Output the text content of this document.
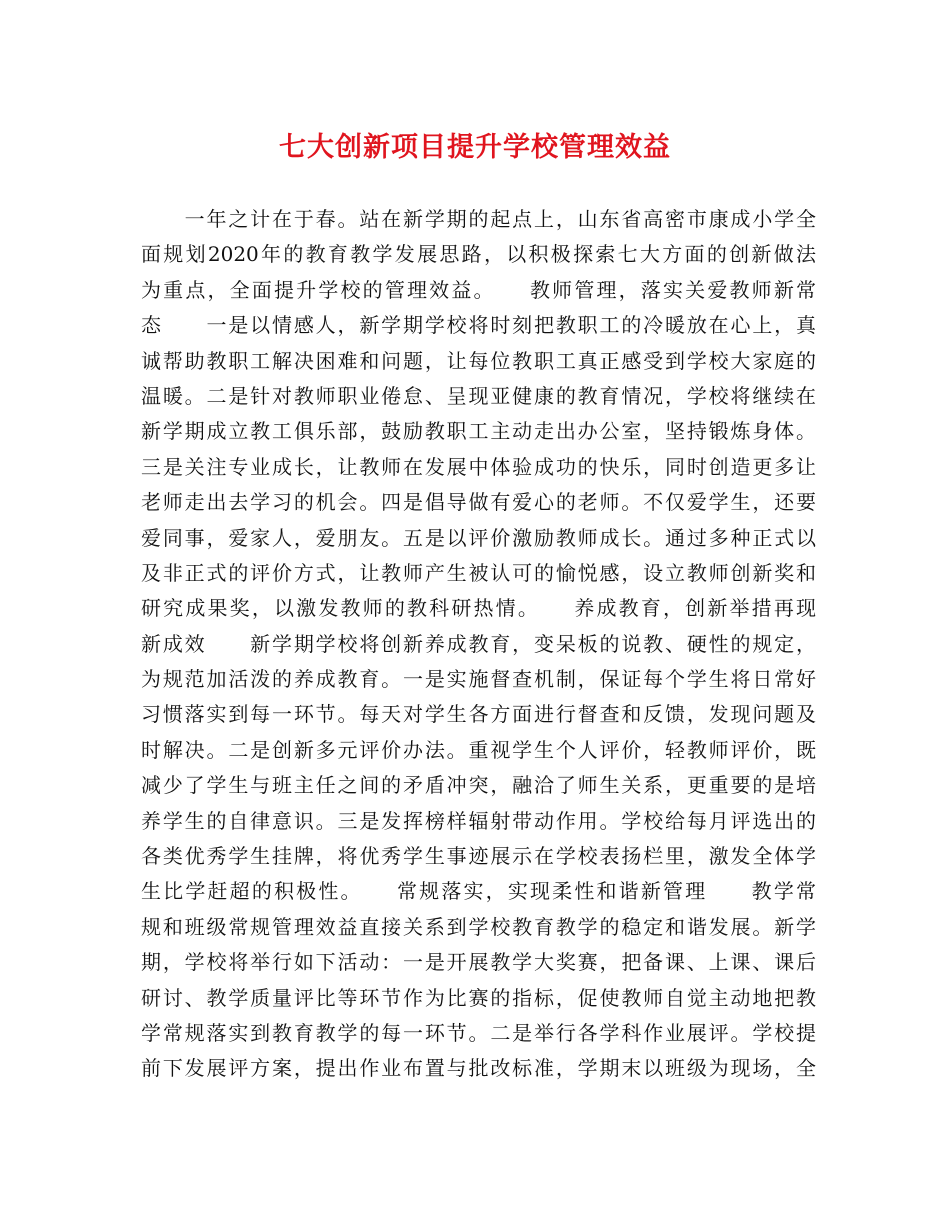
七大创新项目提升学校管理效益
　　一年之计在于春。站在新学期的起点上，山东省高密市康成小学全
面规划2020年的教育教学发展思路，以积极探索七大方面的创新做法
为重点，全面提升学校的管理效益。　　教师管理，落实关爱教师新常
态　　一是以情感人，新学期学校将时刻把教职工的冷暖放在心上，真
诚帮助教职工解决困难和问题，让每位教职工真正感受到学校大家庭的
温暖。二是针对教师职业倦怠、呈现亚健康的教育情况，学校将继续在
新学期成立教工俱乐部，鼓励教职工主动走出办公室，坚持锻炼身体。
三是关注专业成长，让教师在发展中体验成功的快乐，同时创造更多让
老师走出去学习的机会。四是倡导做有爱心的老师。不仅爱学生，还要
爱同事，爱家人，爱朋友。五是以评价激励教师成长。通过多种正式以
及非正式的评价方式，让教师产生被认可的愉悦感，设立教师创新奖和
研究成果奖，以激发教师的教科研热情。　　养成教育，创新举措再现
新成效　　新学期学校将创新养成教育，变呆板的说教、硬性的规定，
为规范加活泼的养成教育。一是实施督查机制，保证每个学生将日常好
习惯落实到每一环节。每天对学生各方面进行督查和反馈，发现问题及
时解决。二是创新多元评价办法。重视学生个人评价，轻教师评价，既
减少了学生与班主任之间的矛盾冲突，融洽了师生关系，更重要的是培
养学生的自律意识。三是发挥榜样辐射带动作用。学校给每月评选出的
各类优秀学生挂牌，将优秀学生事迹展示在学校表扬栏里，激发全体学
生比学赶超的积极性。　　常规落实，实现柔性和谐新管理　　教学常
规和班级常规管理效益直接关系到学校教育教学的稳定和谐发展。新学
期，学校将举行如下活动：一是开展教学大奖赛，把备课、上课、课后
研讨、教学质量评比等环节作为比赛的指标，促使教师自觉主动地把教
学常规落实到教育教学的每一环节。二是举行各学科作业展评。学校提
前下发展评方案，提出作业布置与批改标准，学期末以班级为现场，全
